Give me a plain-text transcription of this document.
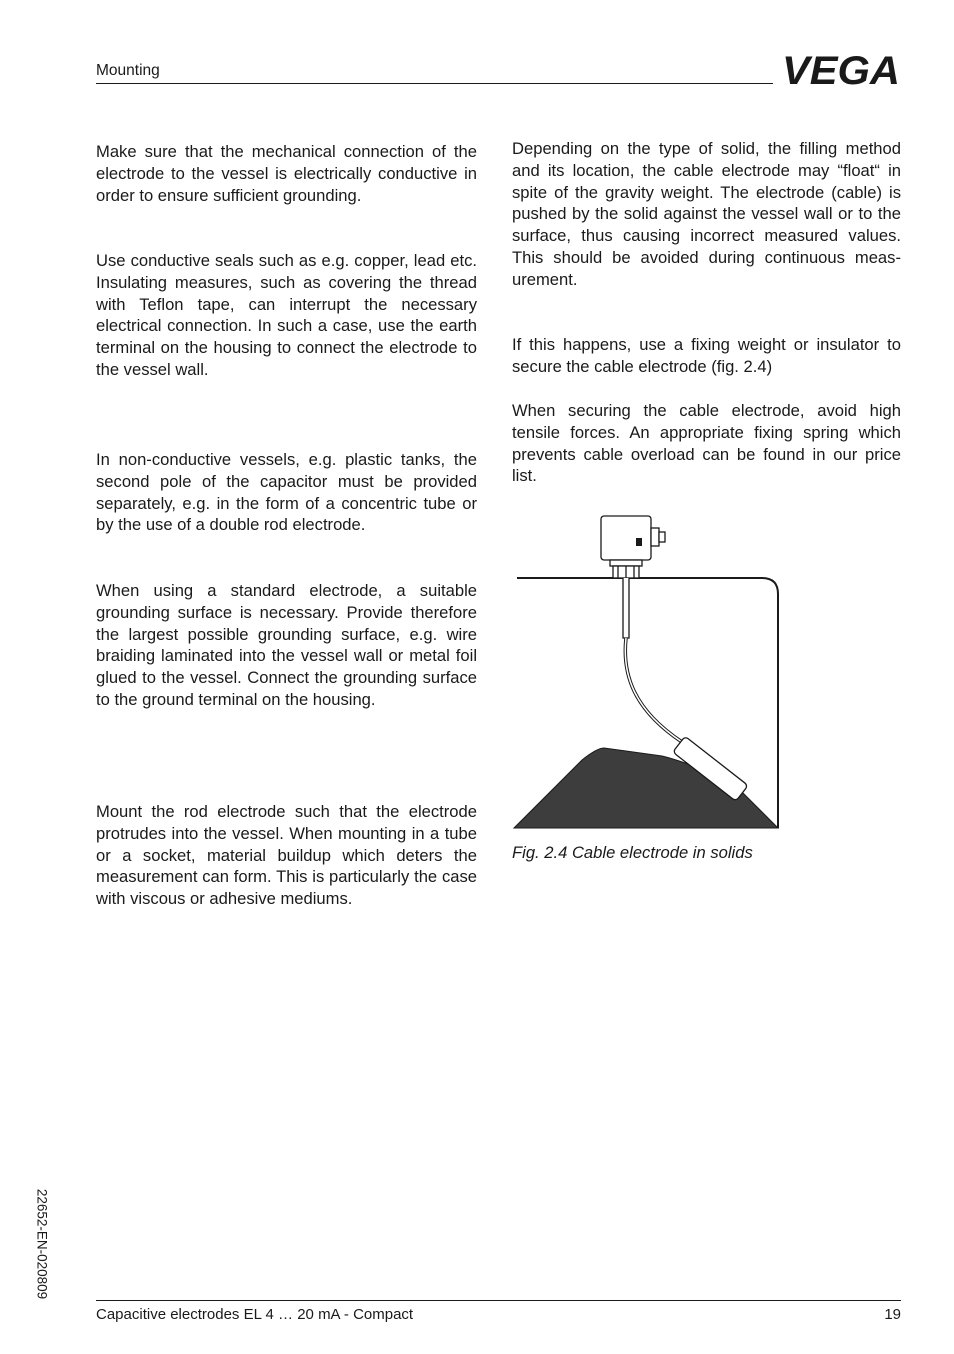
Mounting	VEGA

Make sure that the mechanical connection of the electrode to the vessel is electrically conductive in order to ensure sufficient grounding.

Use conductive seals such as e.g. copper, lead etc. Insulating measures, such as covering the thread with Teflon tape, can interrupt the necessary electrical connection. In such a case, use the earth terminal on the housing to connect the electrode to the vessel wall.

In non-conductive vessels, e.g. plastic tanks, the second pole of the capacitor must be provided separately, e.g. in the form of a concentric tube or by the use of a double rod electrode.

When using a standard electrode, a suitable grounding surface is necessary. Provide therefore the largest possible grounding surface, e.g. wire braiding laminated into the vessel wall or metal foil glued to the vessel. Connect the grounding surface to the ground terminal on the housing.

Mount the rod electrode such that the electrode protrudes into the vessel. When mounting in a tube or a socket, material buildup which deters the measurement can form. This is particularly the case with viscous or adhesive mediums.

Depending on the type of solid, the filling method and its location, the cable electrode may “float“ in spite of the gravity weight. The electrode (cable) is pushed by the solid against the vessel wall or to the surface, thus causing incorrect measured values. This should be avoided during continuous measurement.

If this happens, use a fixing weight or insulator to secure the cable electrode (fig. 2.4)

When securing the cable electrode, avoid high tensile forces. An appropriate fixing spring which prevents cable overload can be found in our price list.

Fig. 2.4 Cable electrode in solids
22652-EN-020809
Capacitive electrodes EL 4 … 20 mA - Compact	19
